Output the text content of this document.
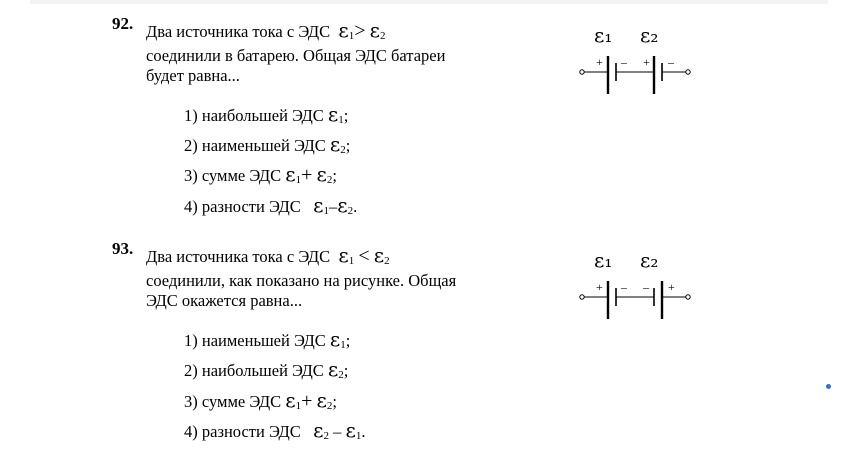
92. Два источника тока с ЭДС $\varepsilon_1> \varepsilon_2$
соединили в батарею. Общая ЭДС батареи
будет равна...
1) наибольшей ЭДС $\varepsilon_1$;
2) наименьшей ЭДС $\varepsilon_2$;
3) сумме ЭДС $\varepsilon_1+ \varepsilon_2$;
4) разности ЭДС   $\varepsilon_1-\varepsilon_2$.
ε₁ ε₂
+ – + –
93. Два источника тока с ЭДС $\varepsilon_1 < \varepsilon_2$
соединили, как показано на рисунке. Общая
ЭДС окажется равна...
1) наименьшей ЭДС $\varepsilon_1$;
2) наибольшей ЭДС $\varepsilon_2$;
3) сумме ЭДС $\varepsilon_1+ \varepsilon_2$;
4) разности ЭДС   $\varepsilon_2 - \varepsilon_1$.
ε₁ ε₂
+ – – +
